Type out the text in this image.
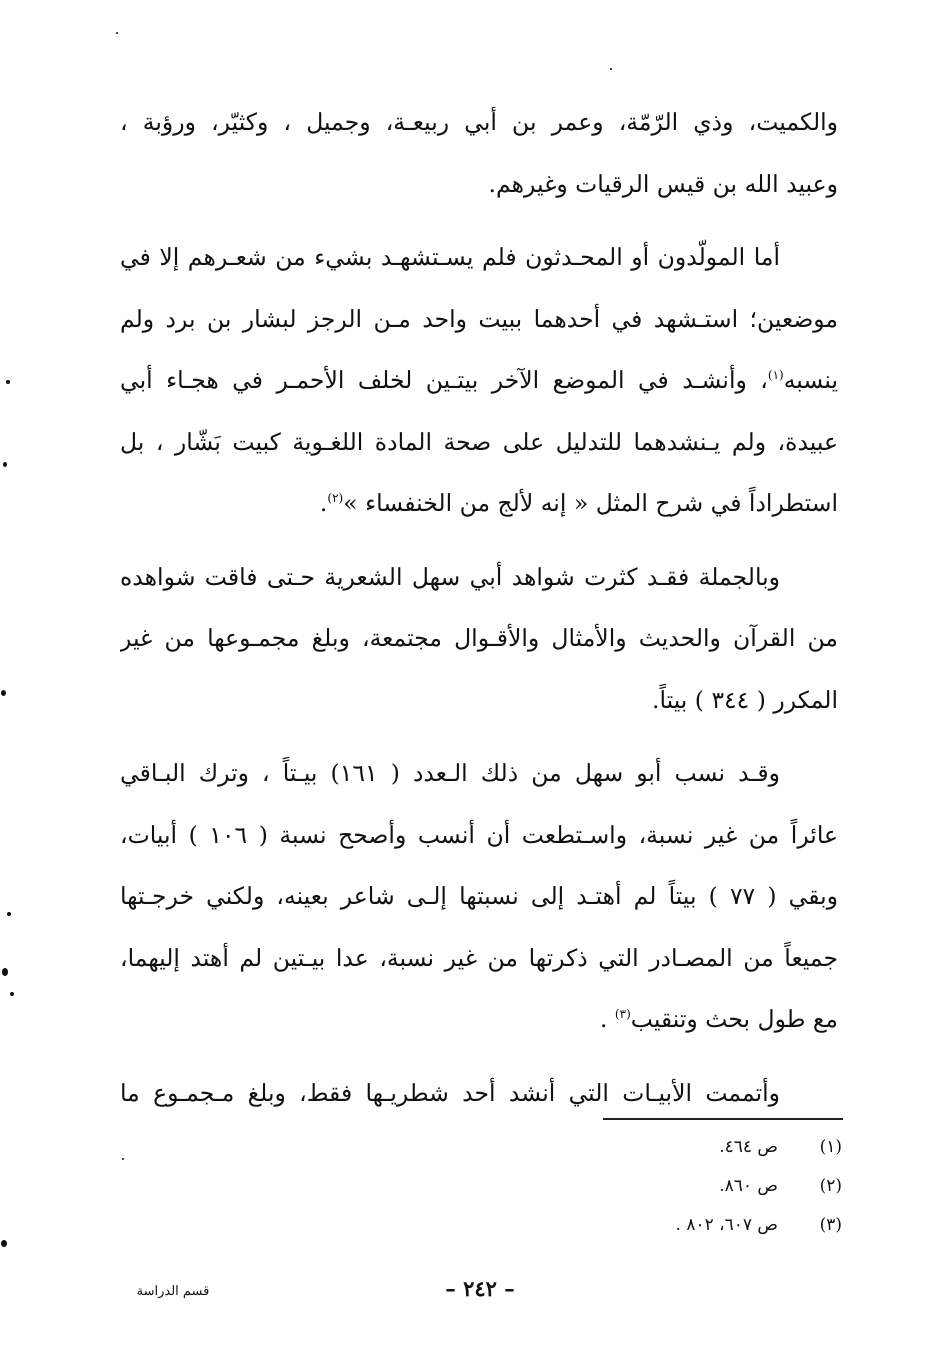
والكميت، وذي الرّمّة، وعمر بن أبي ربيعـة، وجميل ، وكثيّر، ورؤبة ،
وعبيد الله بن قيس الرقيات وغيرهم.
أما المولّدون أو المحـدثون فلم يسـتشهـد بشيء من شعـرهم إلا في
موضعين؛ استـشهد في أحدهما ببيت واحد مـن الرجز لبشار بن برد ولم
ينسبه$^{(١)}$، وأنشـد في الموضع الآخر بيتـين لخلف الأحمـر في هجـاء أبي
عبيدة، ولم يـنشدهما للتدليل على صحة المادة اللغـوية كبيت بَشّار ، بل
استطراداً في شرح المثل « إنه لألج من الخنفساء »$^{(٢)}$.
وبالجملة فقـد كثرت شواهد أبي سهل الشعرية حـتى فاقت شواهده
من القرآن والحديث والأمثال والأقـوال مجتمعة، وبلغ مجمـوعها من غير
المكرر ( ٣٤٤ ) بيتاً.
وقـد نسب أبو سهل من ذلك الـعدد ( ١٦١) بيـتاً ، وترك البـاقي
عائراً من غير نسبة، واسـتطعت أن أنسب وأصحح نسبة ( ١٠٦ ) أبيات،
وبقي ( ٧٧ ) بيتاً لم أهتـد إلى نسبتها إلـى شاعر بعينه، ولكني خرجـتها
جميعاً من المصـادر التي ذكرتها من غير نسبة، عدا بيـتين لم أهتد إليهما،
مع طول بحث وتنقيب$^{(٣)}$ .
وأتممت الأبيـات التي أنشد أحد شطريـها فقط، وبلغ مـجمـوع ما
(١)
ص ٤٦٤.
(٢)
ص ٨٦٠.
(٣)
ص ٦٠٧، ٨٠٢ .
– ٢٤٢ –
قسم الدراسة
